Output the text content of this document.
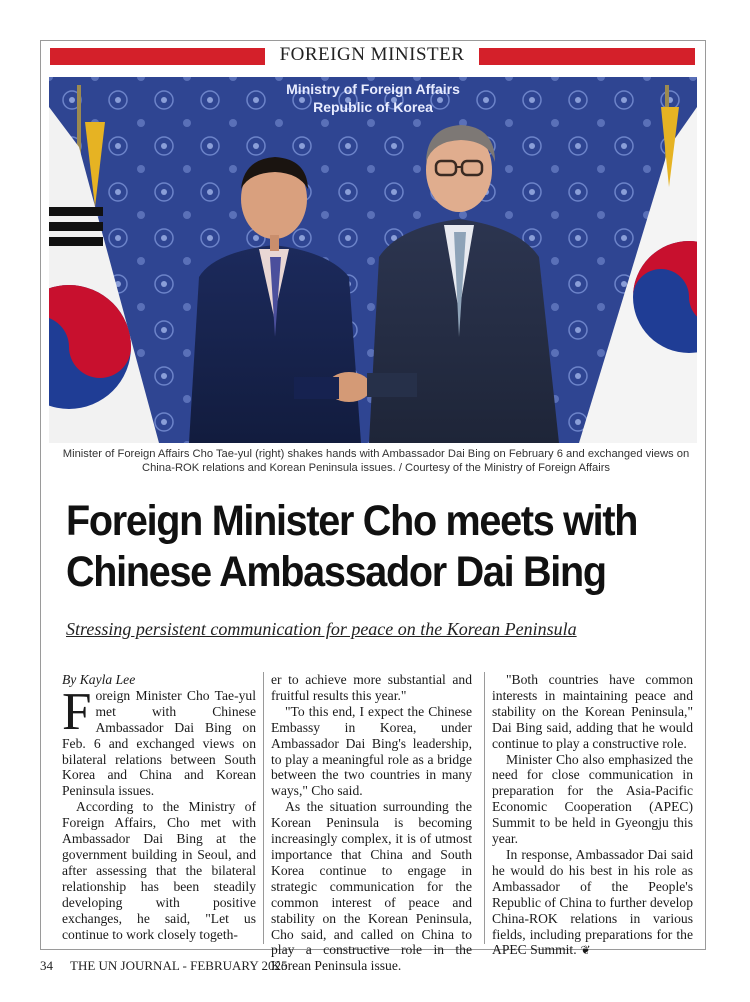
FOREIGN MINISTER
Ministry of Foreign Affairs
Republic of Korea
Minister of Foreign Affairs Cho Tae-yul (right) shakes hands with Ambassador Dai Bing on February 6 and exchanged views on China-ROK relations and Korean Peninsula issues. / Courtesy of the Ministry of Foreign Affairs
Foreign Minister Cho meets with
Chinese Ambassador Dai Bing
Stressing persistent communication for peace on the Korean Peninsula

By Kayla Lee

Foreign Minister Cho Tae-yul met with Chinese Ambassador Dai Bing on Feb. 6 and exchanged views on bilateral relations between South Korea and China and Korean Peninsula issues.

According to the Ministry of Foreign Affairs, Cho met with Ambassador Dai Bing at the government building in Seoul, and after assessing that the bilateral relationship has been steadily developing with positive exchanges, he said, "Let us continue to work closely togeth-

er to achieve more substantial and fruitful results this year."

"To this end, I expect the Chinese Embassy in Korea, under Ambassador Dai Bing's leadership, to play a meaningful role as a bridge between the two countries in many ways," Cho said.

As the situation surrounding the Korean Peninsula is becoming increasingly complex, it is of utmost importance that China and South Korea continue to engage in strategic communication for the common interest of peace and stability on the Korean Peninsula, Cho said, and called on China to play a constructive role in the Korean Peninsula issue.

"Both countries have common interests in maintaining peace and stability on the Korean Peninsula," Dai Bing said, adding that he would continue to play a constructive role.

Minister Cho also emphasized the need for close communication in preparation for the Asia-Pacific Economic Cooperation (APEC) Summit to be held in Gyeongju this year.

In response, Ambassador Dai said he would do his best in his role as Ambassador of the People's Republic of China to further develop China-ROK relations in various fields, including preparations for the APEC Summit. ❦

34 THE UN JOURNAL - FEBRUARY 2025
